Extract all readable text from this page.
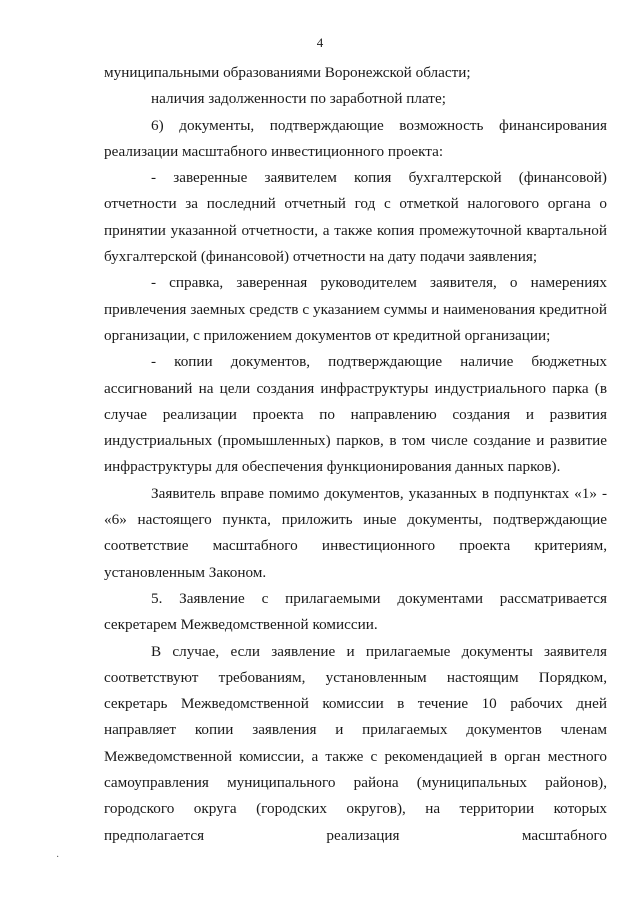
4

муниципальными образованиями Воронежской области;

наличия задолженности по заработной плате;

6) документы, подтверждающие возможность финансирования реализации масштабного инвестиционного проекта:

- заверенные заявителем копия бухгалтерской (финансовой) отчетности за последний отчетный год с отметкой налогового органа о принятии указанной отчетности, а также копия промежуточной квартальной бухгалтерской (финансовой) отчетности на дату подачи заявления;

- справка, заверенная руководителем заявителя, о намерениях привлечения заемных средств с указанием суммы и наименования кредитной организации, с приложением документов от кредитной организации;

- копии документов, подтверждающие наличие бюджетных ассигнований на цели создания инфраструктуры индустриального парка (в случае реализации проекта по направлению создания и развития индустриальных (промышленных) парков, в том числе создание и развитие инфраструктуры для обеспечения функционирования данных парков).

Заявитель вправе помимо документов, указанных в подпунктах «1» - «6» настоящего пункта, приложить иные документы, подтверждающие соответствие масштабного инвестиционного проекта критериям, установленным Законом.

5. Заявление с прилагаемыми документами рассматривается секретарем Межведомственной комиссии.

В случае, если заявление и прилагаемые документы заявителя соответствуют требованиям, установленным настоящим Порядком, секретарь Межведомственной комиссии в течение 10 рабочих дней направляет копии заявления и прилагаемых документов членам Межведомственной комиссии, а также с рекомендацией в орган местного самоуправления муниципального района (муниципальных районов), городского округа (городских округов), на территории которых предполагается реализация масштабного

·
